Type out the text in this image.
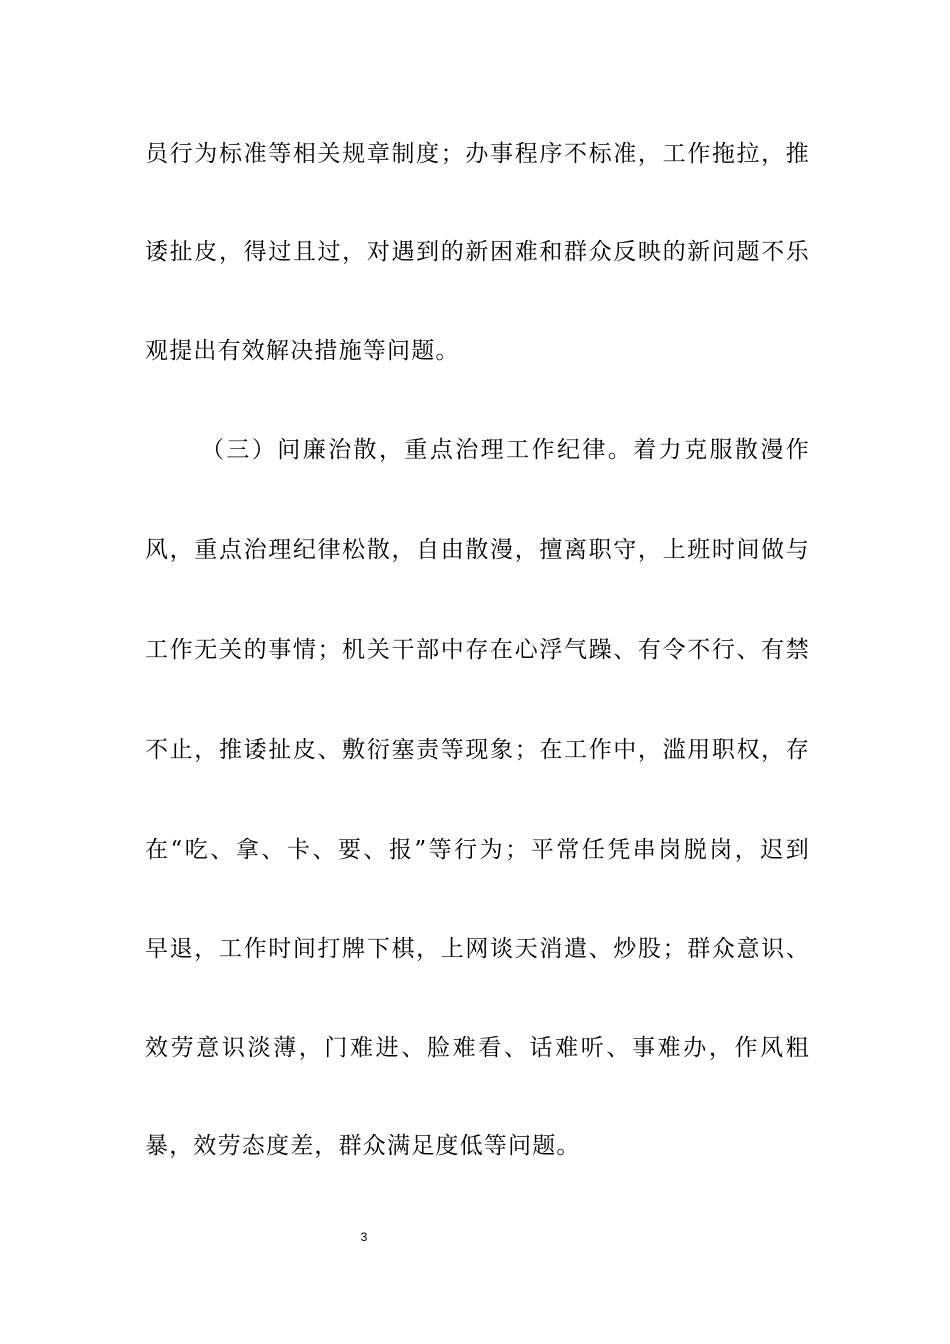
员行为标准等相关规章制度；办事程序不标准，工作拖拉，推
诿扯皮，得过且过，对遇到的新困难和群众反映的新问题不乐
观提出有效解决措施等问题。
（三）问廉治散，重点治理工作纪律。着力克服散漫作
风，重点治理纪律松散，自由散漫，擅离职守，上班时间做与
工作无关的事情；机关干部中存在心浮气躁、有令不行、有禁
不止，推诿扯皮、敷衍塞责等现象；在工作中，滥用职权，存
在“吃、拿、卡、要、报”等行为；平常任凭串岗脱岗，迟到
早退，工作时间打牌下棋，上网谈天消遣、炒股；群众意识、
效劳意识淡薄，门难进、脸难看、话难听、事难办，作风粗
暴，效劳态度差，群众满足度低等问题。
3
